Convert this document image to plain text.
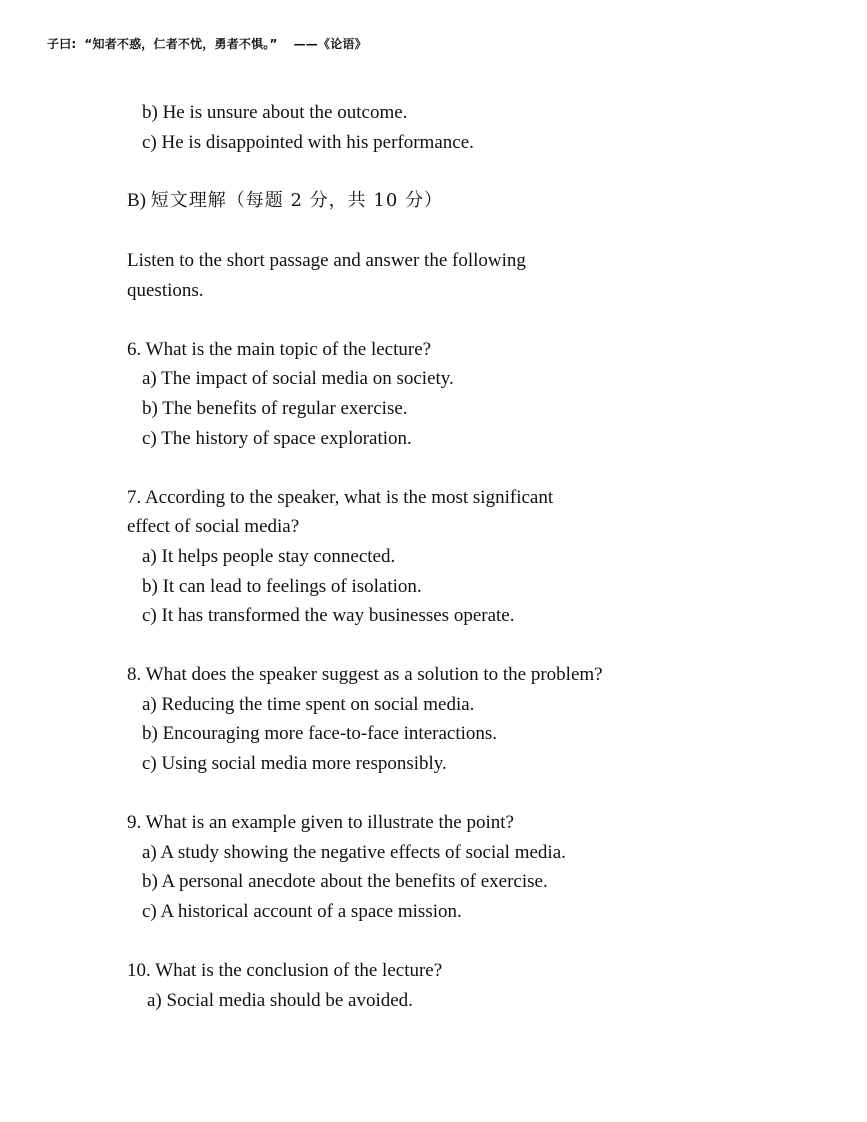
子曰: “知者不惑，仁者不忧，勇者不惧。” ——《论语》
b) He is unsure about the outcome.
c) He is disappointed with his performance.
B) 短文理解（每题 2 分，共 10 分）
Listen to the short passage and answer the following
questions.
6. What is the main topic of the lecture?
a) The impact of social media on society.
b) The benefits of regular exercise.
c) The history of space exploration.
7. According to the speaker, what is the most significant
effect of social media?
a) It helps people stay connected.
b) It can lead to feelings of isolation.
c) It has transformed the way businesses operate.
8. What does the speaker suggest as a solution to the problem?
a) Reducing the time spent on social media.
b) Encouraging more face-to-face interactions.
c) Using social media more responsibly.
9. What is an example given to illustrate the point?
a) A study showing the negative effects of social media.
b) A personal anecdote about the benefits of exercise.
c) A historical account of a space mission.
10. What is the conclusion of the lecture?
a) Social media should be avoided.
